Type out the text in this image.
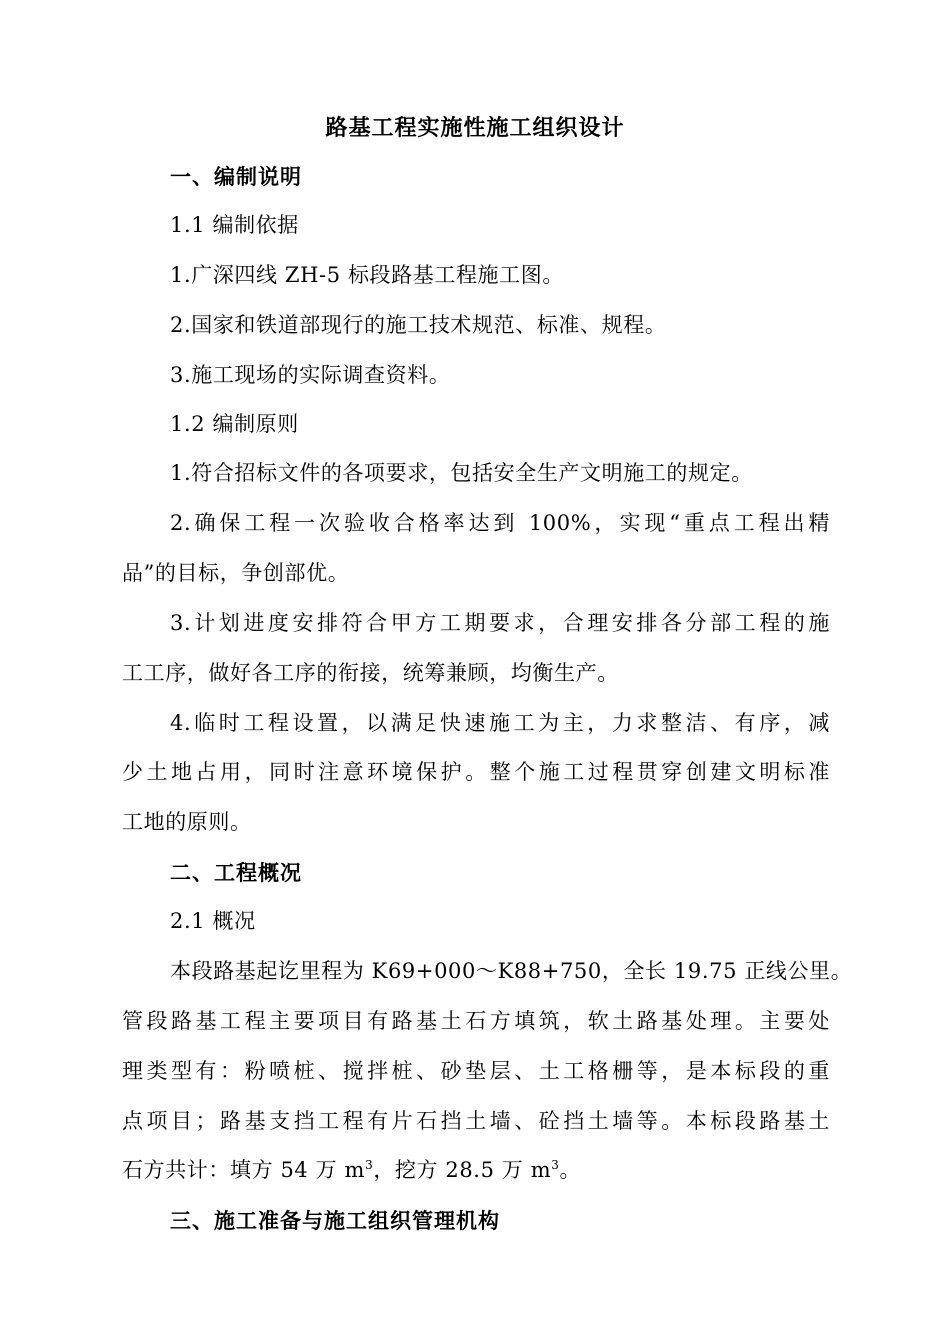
路基工程实施性施工组织设计
一、编制说明
1.1 编制依据
1.广深四线 ZH-5 标段路基工程施工图。
2.国家和铁道部现行的施工技术规范、标准、规程。
3.施工现场的实际调查资料。
1.2 编制原则
1.符合招标文件的各项要求，包括安全生产文明施工的规定。
2.确保工程一次验收合格率达到 100%，实现“重点工程出精
品”的目标，争创部优。
3.计划进度安排符合甲方工期要求，合理安排各分部工程的施
工工序，做好各工序的衔接，统筹兼顾，均衡生产。
4.临时工程设置，以满足快速施工为主，力求整洁、有序，减
少土地占用，同时注意环境保护。整个施工过程贯穿创建文明标准
工地的原则。
二、工程概况
2.1 概况
本段路基起讫里程为 K69+000～K88+750，全长 19.75 正线公里。
管段路基工程主要项目有路基土石方填筑，软土路基处理。主要处
理类型有：粉喷桩、搅拌桩、砂垫层、土工格栅等，是本标段的重
点项目；路基支挡工程有片石挡土墙、砼挡土墙等。本标段路基土
石方共计：填方 54 万 $m^3$，挖方 28.5 万 $m^3$。
三、施工准备与施工组织管理机构
